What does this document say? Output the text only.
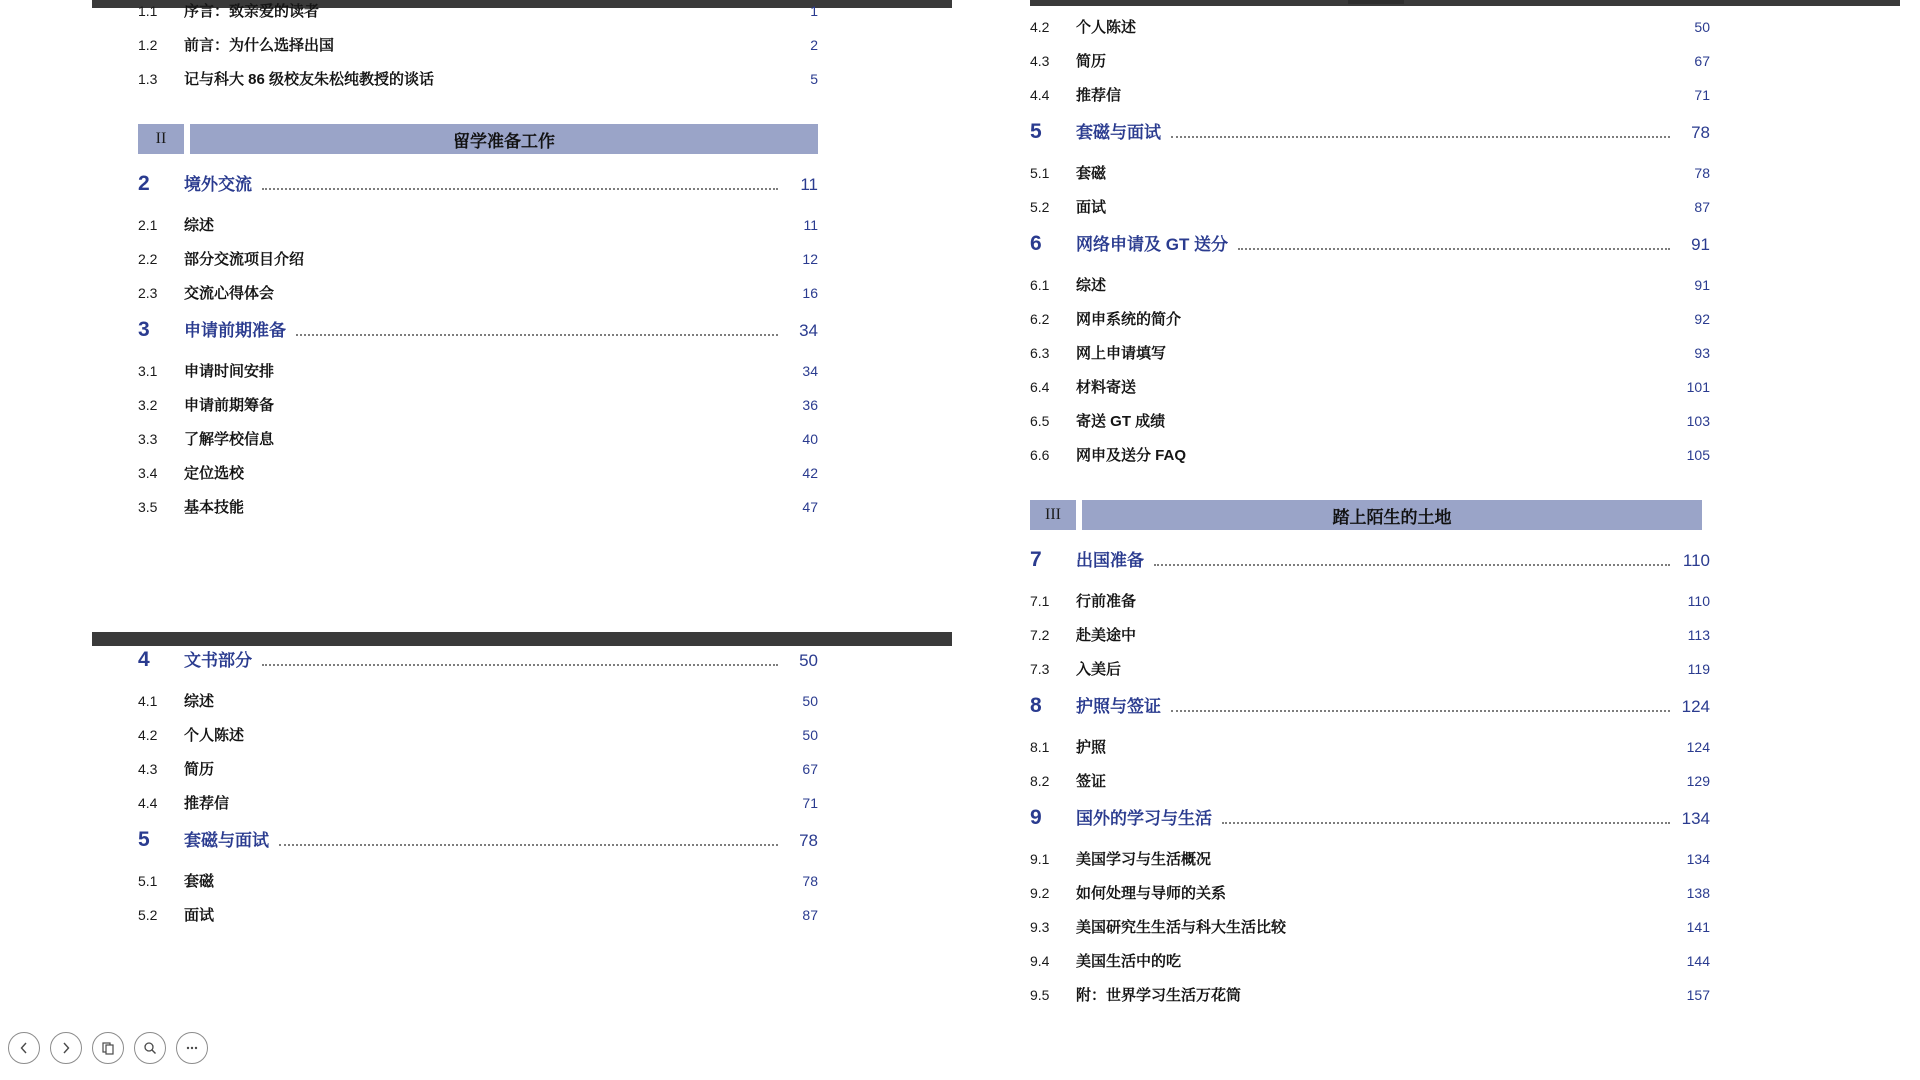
1.1	序言：致亲爱的读者	1
1.2	前言：为什么选择出国	2
1.3	记与科大 86 级校友朱松纯教授的谈话	5
II	留学准备工作
2	境外交流	11
2.1	综述	11
2.2	部分交流项目介绍	12
2.3	交流心得体会	16
3	申请前期准备	34
3.1	申请时间安排	34
3.2	申请前期筹备	36
3.3	了解学校信息	40
3.4	定位选校	42
3.5	基本技能	47
4	文书部分	50
4.1	综述	50
4.2	个人陈述	50
4.3	简历	67
4.4	推荐信	71
5	套磁与面试	78
5.1	套磁	78
5.2	面试	87
4.2	个人陈述	50
4.3	简历	67
4.4	推荐信	71
5	套磁与面试	78
5.1	套磁	78
5.2	面试	87
6	网络申请及 GT 送分	91
6.1	综述	91
6.2	网申系统的简介	92
6.3	网上申请填写	93
6.4	材料寄送	101
6.5	寄送 GT 成绩	103
6.6	网申及送分 FAQ	105
III	踏上陌生的土地
7	出国准备	110
7.1	行前准备	110
7.2	赴美途中	113
7.3	入美后	119
8	护照与签证	124
8.1	护照	124
8.2	签证	129
9	国外的学习与生活	134
9.1	美国学习与生活概况	134
9.2	如何处理与导师的关系	138
9.3	美国研究生生活与科大生活比较	141
9.4	美国生活中的吃	144
9.5	附：世界学习生活万花筒	157
